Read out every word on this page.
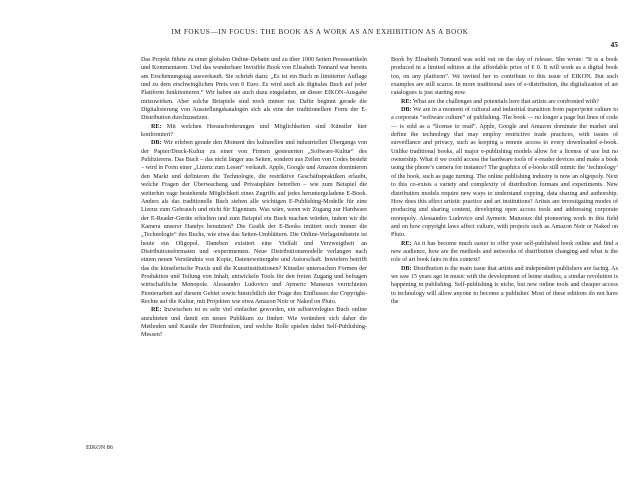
IM FOKUS—IN FOCUS: THE BOOK AS A WORK AS AN EXHIBITION AS A BOOK
45

Das Projekt führte zu einer globalen Online-Debatte und zu über 1000 Seiten Presseartikeln und Kommentaren. Und das wunderbare Invisible Book von Elisabeth Tonnard war bereits am Erscheinungstag ausverkauft. Sie schrieb dazu: „Es ist ein Buch in limitierter Auflage und zu dem erschwinglichen Preis von 0 Euro. Es wird auch als digitales Buch auf jeder Plattform funktionieren.“ Wir haben sie auch dazu eingeladen, an dieser EIKON-Ausgabe mitzuwirken. Aber solche Beispiele sind noch immer rar. Dafür beginnt gerade die Digitalisierung von Ausstellungskatalogen sich als eine der traditionellere Form der E-Distribution durchzusetzen.

RE: Mit welchen Herausforderungen und Möglichkeiten sind Künstler hier konfrontiert?

DB: Wir erleben gerade den Moment des kulturellen und industriellen Übergangs von der Papier/Druck-Kultur zu einer von Firmen gesteuerten „Software-Kultur“ des Publizierens. Das Buch – das nicht länger aus Seiten, sondern aus Zeilen von Codes besteht – wird in Form einer „Lizenz zum Lesen“ verkauft. Apple, Google und Amazon dominieren den Markt und definieren die Technologie, die restriktive Geschäftspraktiken erlaubt, welche Fragen der Überwachung und Privatsphäre betreffen – wie zum Beispiel die weiterhin vage bestehende Möglichkeit eines Zugriffs auf jedes heruntergeladene E-Book. Anders als das traditionelle Buch stehen alle wichtigen E-Publishing-Modelle für eine Lizenz zum Gebrauch und nicht für Eigentum. Was wäre, wenn wir Zugang zur Hardware der E-Reader-Geräte erhielten und zum Beispiel ein Buch machen würden, indem wir die Kamera unserer Handys benutzten? Die Grafik der E-Books imitiert noch immer die „Technologie“ des Buchs, wie etwa das Seiten-Umblättern. Die Online-Verlagsindustrie ist heute ein Oligopol. Daneben existiert eine Vielfalt und Verzweigtheit an Distributionsformaten und -experimenten. Neue Distributionsmodelle verlangen nach einem neuen Verständnis von Kopie, Dateneweitergabe und Autorschaft. Inwiefern betrifft das die künstlerische Praxis und die Kunstinstitutionen? Künstler untersuchen Formen der Produktion und Teilung von Inhalt, entwickeln Tools für den freien Zugang und befragen wirtschaftliche Monopole. Alessandro Ludovico und Aymeric Mansoux verrichteten Pionierarbeit auf diesem Gebiet sowie hinsichtlich der Frage des Einflusses der Copyright-Rechte auf die Kultur, mit Projekten wie etwa Amazon Noir or Naked on Pluto.

RE: Inzwischen ist es sehr viel einfacher geworden, ein selbstverlegtes Buch online anzubieten und damit ein neues Publikum zu finden: Wie verändern sich daher die Methoden und Kanäle der Distribution, und welche Rolle spielen dabei Self-Publishing-Messen?

Book by Elisabeth Tonnard was sold out on the day of release. She wrote: “It is a book produced in a limited edition at the affordable price of € 0. It will work as a digital book too, on any platform”. We invited her to contribute to this issue of EIKON. But such examples are still scarce. In more traditional uses of e-distribution, the digitalization of art catalogues is just starting now.

RE: What are the challenges and potentials here that artists are confronted with?

DB: We are in a moment of cultural and industrial transition from paper/print culture to a corporate “software culture” of publishing. The book — no longer a page but lines of code — is sold as a “license to read”. Apple, Google and Amazon dominate the market and define the technology that may employ restrictive trade practices, with issues of surveillance and privacy, such as keeping a remote access to every downloaded e-book. Unlike traditional books, all major e-publishing models allow for a license of use but no ownership. What if we could access the hardware tools of e-reader devices and make a book using the phone’s camera for instance? The graphics of e-books still mimic the ‘technology’ of the book, such as page turning. The online publishing industry is now an oligopoly. Next to this co-exists a variety and complexity of distribution formats and experiments. New distribution models require new ways to understand copying, data sharing and authorship. How does this affect artistic practice and art institutions? Artists are investigating modes of producing and sharing content, developing open access tools and addressing corporate monopoly. Alessandro Ludovico and Aymeric Mansoux did pioneering work in this field and on how copyright laws affect culture, with projects such as Amazon Noir or Naked on Pluto.

RE: As it has become much easier to offer your self-published book online and find a new audience, how are the methods and networks of distribution changing and what is the role of art book fairs in this context?

DB: Distribution is the main issue that artists and independent publishers are facing. As we saw 15 years ago in music with the development of home studios, a similar revolution is happening in publishing. Self-publishing is niche, but new online tools and cheaper access to technology will allow anyone to become a publisher. Most of these editions do not have the

EIKON 86
